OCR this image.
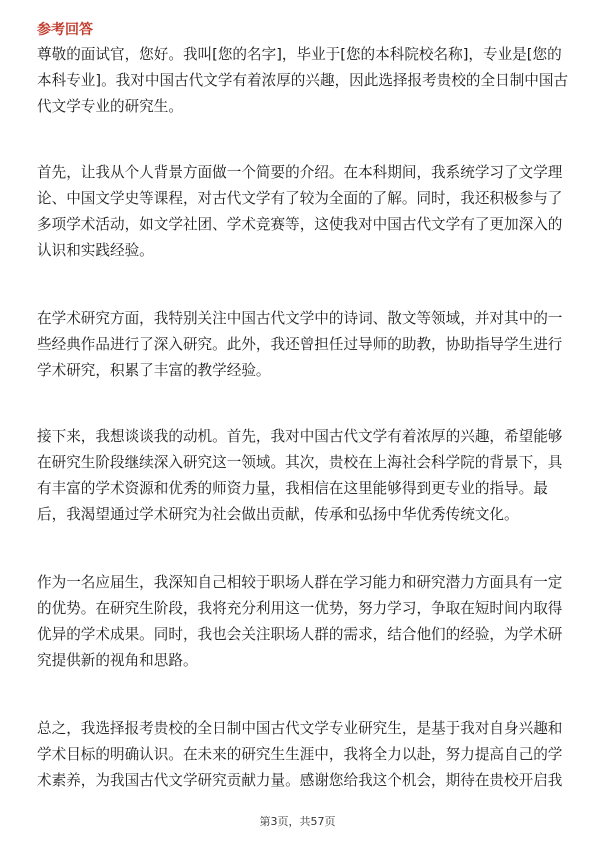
参考回答

尊敬的面试官，您好。我叫[您的名字]，毕业于[您的本科院校名称]，专业是[您的
本科专业]。我对中国古代文学有着浓厚的兴趣，因此选择报考贵校的全日制中国古
代文学专业的研究生。

首先，让我从个人背景方面做一个简要的介绍。在本科期间，我系统学习了文学理
论、中国文学史等课程，对古代文学有了较为全面的了解。同时，我还积极参与了
多项学术活动，如文学社团、学术竞赛等，这使我对中国古代文学有了更加深入的
认识和实践经验。

在学术研究方面，我特别关注中国古代文学中的诗词、散文等领域，并对其中的一
些经典作品进行了深入研究。此外，我还曾担任过导师的助教，协助指导学生进行
学术研究，积累了丰富的教学经验。

接下来，我想谈谈我的动机。首先，我对中国古代文学有着浓厚的兴趣，希望能够
在研究生阶段继续深入研究这一领域。其次，贵校在上海社会科学院的背景下，具
有丰富的学术资源和优秀的师资力量，我相信在这里能够得到更专业的指导。最
后，我渴望通过学术研究为社会做出贡献，传承和弘扬中华优秀传统文化。

作为一名应届生，我深知自己相较于职场人群在学习能力和研究潜力方面具有一定
的优势。在研究生阶段，我将充分利用这一优势，努力学习，争取在短时间内取得
优异的学术成果。同时，我也会关注职场人群的需求，结合他们的经验，为学术研
究提供新的视角和思路。

总之，我选择报考贵校的全日制中国古代文学专业研究生，是基于我对自身兴趣和
学术目标的明确认识。在未来的研究生生涯中，我将全力以赴，努力提高自己的学
术素养，为我国古代文学研究贡献力量。感谢您给我这个机会，期待在贵校开启我

第3页，共57页
